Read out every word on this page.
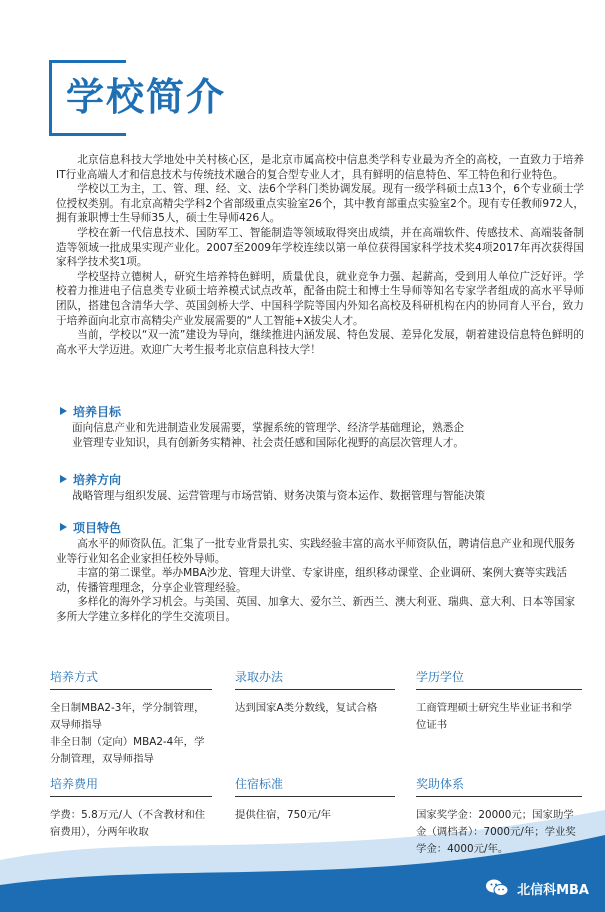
学校简介

北京信息科技大学地处中关村核心区，是北京市属高校中信息类学科专业最为齐全的高校，一直致力于培养IT行业高端人才和信息技术与传统技术融合的复合型专业人才，具有鲜明的信息特色、军工特色和行业特色。

学校以工为主，工、管、理、经、文、法6个学科门类协调发展。现有一级学科硕士点13个，6个专业硕士学位授权类别。有北京高精尖学科2个省部级重点实验室26个，其中教育部重点实验室2个。现有专任教师972人，拥有兼职博士生导师35人，硕士生导师426人。

学校在新一代信息技术、国防军工、智能制造等领域取得突出成绩，并在高端软件、传感技术、高端装备制造等领域一批成果实现产业化。2007至2009年学校连续以第一单位获得国家科学技术奖4项2017年再次获得国家科学技术奖1项。

学校坚持立德树人，研究生培养特色鲜明，质量优良，就业竞争力强、起薪高，受到用人单位广泛好评。学校着力推进电子信息类专业硕士培养模式试点改革，配备由院士和博士生导师等知名专家学者组成的高水平导师团队，搭建包含清华大学、英国剑桥大学、中国科学院等国内外知名高校及科研机构在内的协同育人平台，致力于培养面向北京市高精尖产业发展需要的“人工智能+X拔尖人才。

当前，学校以“双一流”建设为导向，继续推进内涵发展、特色发展、差异化发展，朝着建设信息特色鲜明的高水平大学迈进。欢迎广大考生报考北京信息科技大学！

培养目标

面向信息产业和先进制造业发展需要，掌握系统的管理学、经济学基础理论，熟悉企

业管理专业知识，具有创新务实精神、社会责任感和国际化视野的高层次管理人才。

培养方向

战略管理与组织发展、运营管理与市场营销、财务决策与资本运作、数据管理与智能决策

项目特色

高水平的师资队伍。汇集了一批专业背景扎实、实践经验丰富的高水平师资队伍，聘请信息产业和现代服务业等行业知名企业家担任校外导师。

丰富的第二课堂。举办MBA沙龙、管理大讲堂、专家讲座，组织移动课堂、企业调研、案例大赛等实践活动，传播管理理念，分享企业管理经验。

多样化的海外学习机会。与美国、英国、加拿大、爱尔兰、新西兰、澳大利亚、瑞典、意大利、日本等国家多所大学建立多样化的学生交流项目。

培养方式

全日制MBA2-3年，学分制管理，双导师指导

非全日制（定向）MBA2-4年，学分制管理，双导师指导

录取办法

达到国家A类分数线，复试合格

学历学位

工商管理硕士研究生毕业证书和学位证书

培养费用

学费：5.8万元/人（不含教材和住宿费用），分两年收取

住宿标准

提供住宿，750元/年

奖助体系

国家奖学金：20000元；国家助学金（调档者）：7000元/年；学业奖学金：4000元/年。

北信科MBA
